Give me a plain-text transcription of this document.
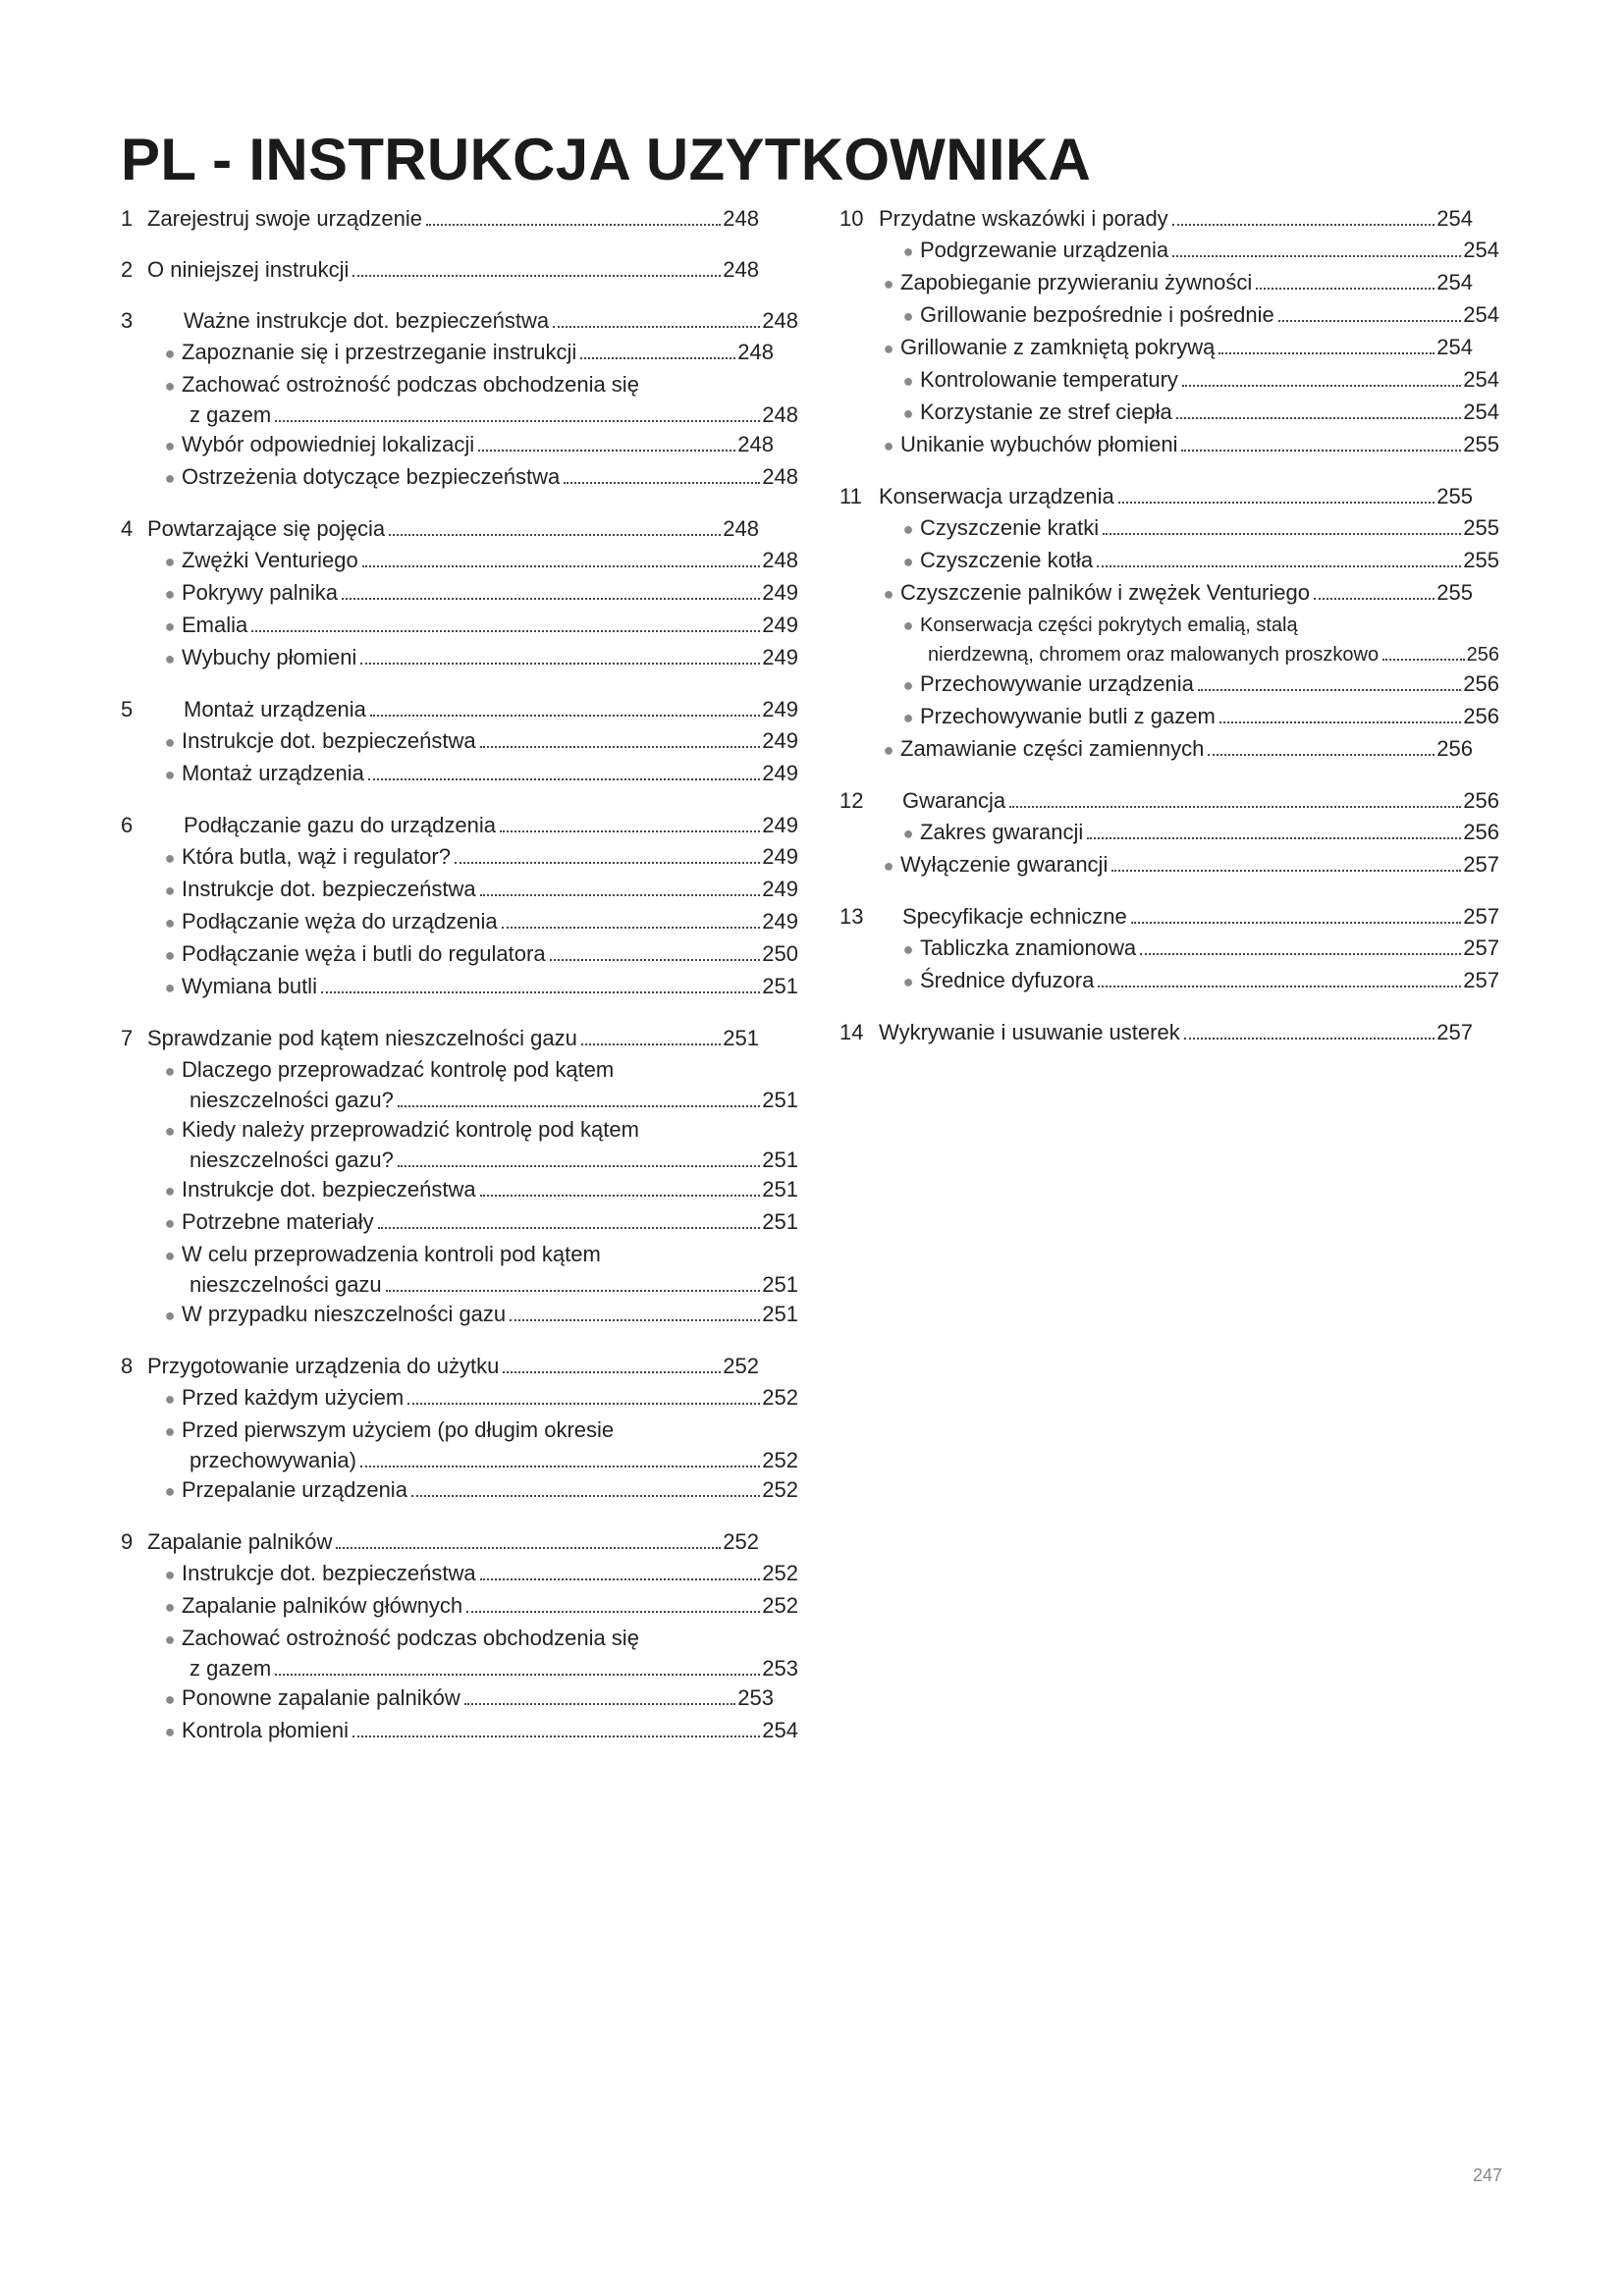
PL - INSTRUKCJA UZYTKOWNIKA
1 Zarejestruj swoje urządzenie	248
2 O niniejszej instrukcji	248
3	Ważne instrukcje dot. bezpieczeństwa	248
● Zapoznanie się i przestrzeganie instrukcji	248
● Zachować ostrożność podczas obchodzenia się
z gazem	248
● Wybór odpowiedniej lokalizacji	248
● Ostrzeżenia dotyczące bezpieczeństwa	248
4 Powtarzające się pojęcia	248
● Zwężki Venturiego	248
● Pokrywy palnika	249
● Emalia	249
● Wybuchy płomieni	249
5	Montaż urządzenia	249
● Instrukcje dot. bezpieczeństwa	249
● Montaż urządzenia	249
6	Podłączanie gazu do urządzenia	249
● Która butla, wąż i regulator?	249
● Instrukcje dot. bezpieczeństwa	249
● Podłączanie węża do urządzenia	249
● Podłączanie węża i butli do regulatora	250
● Wymiana butli	251
7 Sprawdzanie pod kątem nieszczelności gazu	251
● Dlaczego przeprowadzać kontrolę pod kątem
nieszczelności gazu?	251
● Kiedy należy przeprowadzić kontrolę pod kątem
nieszczelności gazu?	251
● Instrukcje dot. bezpieczeństwa	251
● Potrzebne materiały	251
● W celu przeprowadzenia kontroli pod kątem
nieszczelności gazu	251
● W przypadku nieszczelności gazu	251
8 Przygotowanie urządzenia do użytku	252
● Przed każdym użyciem	252
● Przed pierwszym użyciem (po długim okresie
przechowywania)	252
● Przepalanie urządzenia	252
9 Zapalanie palników	252
● Instrukcje dot. bezpieczeństwa	252
● Zapalanie palników głównych	252
● Zachować ostrożność podczas obchodzenia się
z gazem	253
● Ponowne zapalanie palników	253
● Kontrola płomieni	254
10 Przydatne wskazówki i porady	254
● Podgrzewanie urządzenia	254
● Zapobieganie przywieraniu żywności	254
● Grillowanie bezpośrednie i pośrednie	254
● Grillowanie z zamkniętą pokrywą	254
● Kontrolowanie temperatury	254
● Korzystanie ze stref ciepła	254
● Unikanie wybuchów płomieni	255
11 Konserwacja urządzenia	255
● Czyszczenie kratki	255
● Czyszczenie kotła	255
● Czyszczenie palników i zwężek Venturiego	255
● Konserwacja części pokrytych emalią, stalą
nierdzewną, chromem oraz malowanych proszkowo	256
● Przechowywanie urządzenia	256
● Przechowywanie butli z gazem	256
● Zamawianie części zamiennych	256
12	Gwarancja	256
● Zakres gwarancji	256
● Wyłączenie gwarancji	257
13	Specyfikacje echniczne	257
● Tabliczka znamionowa	257
● Średnice dyfuzora	257
14 Wykrywanie i usuwanie usterek	257
247
